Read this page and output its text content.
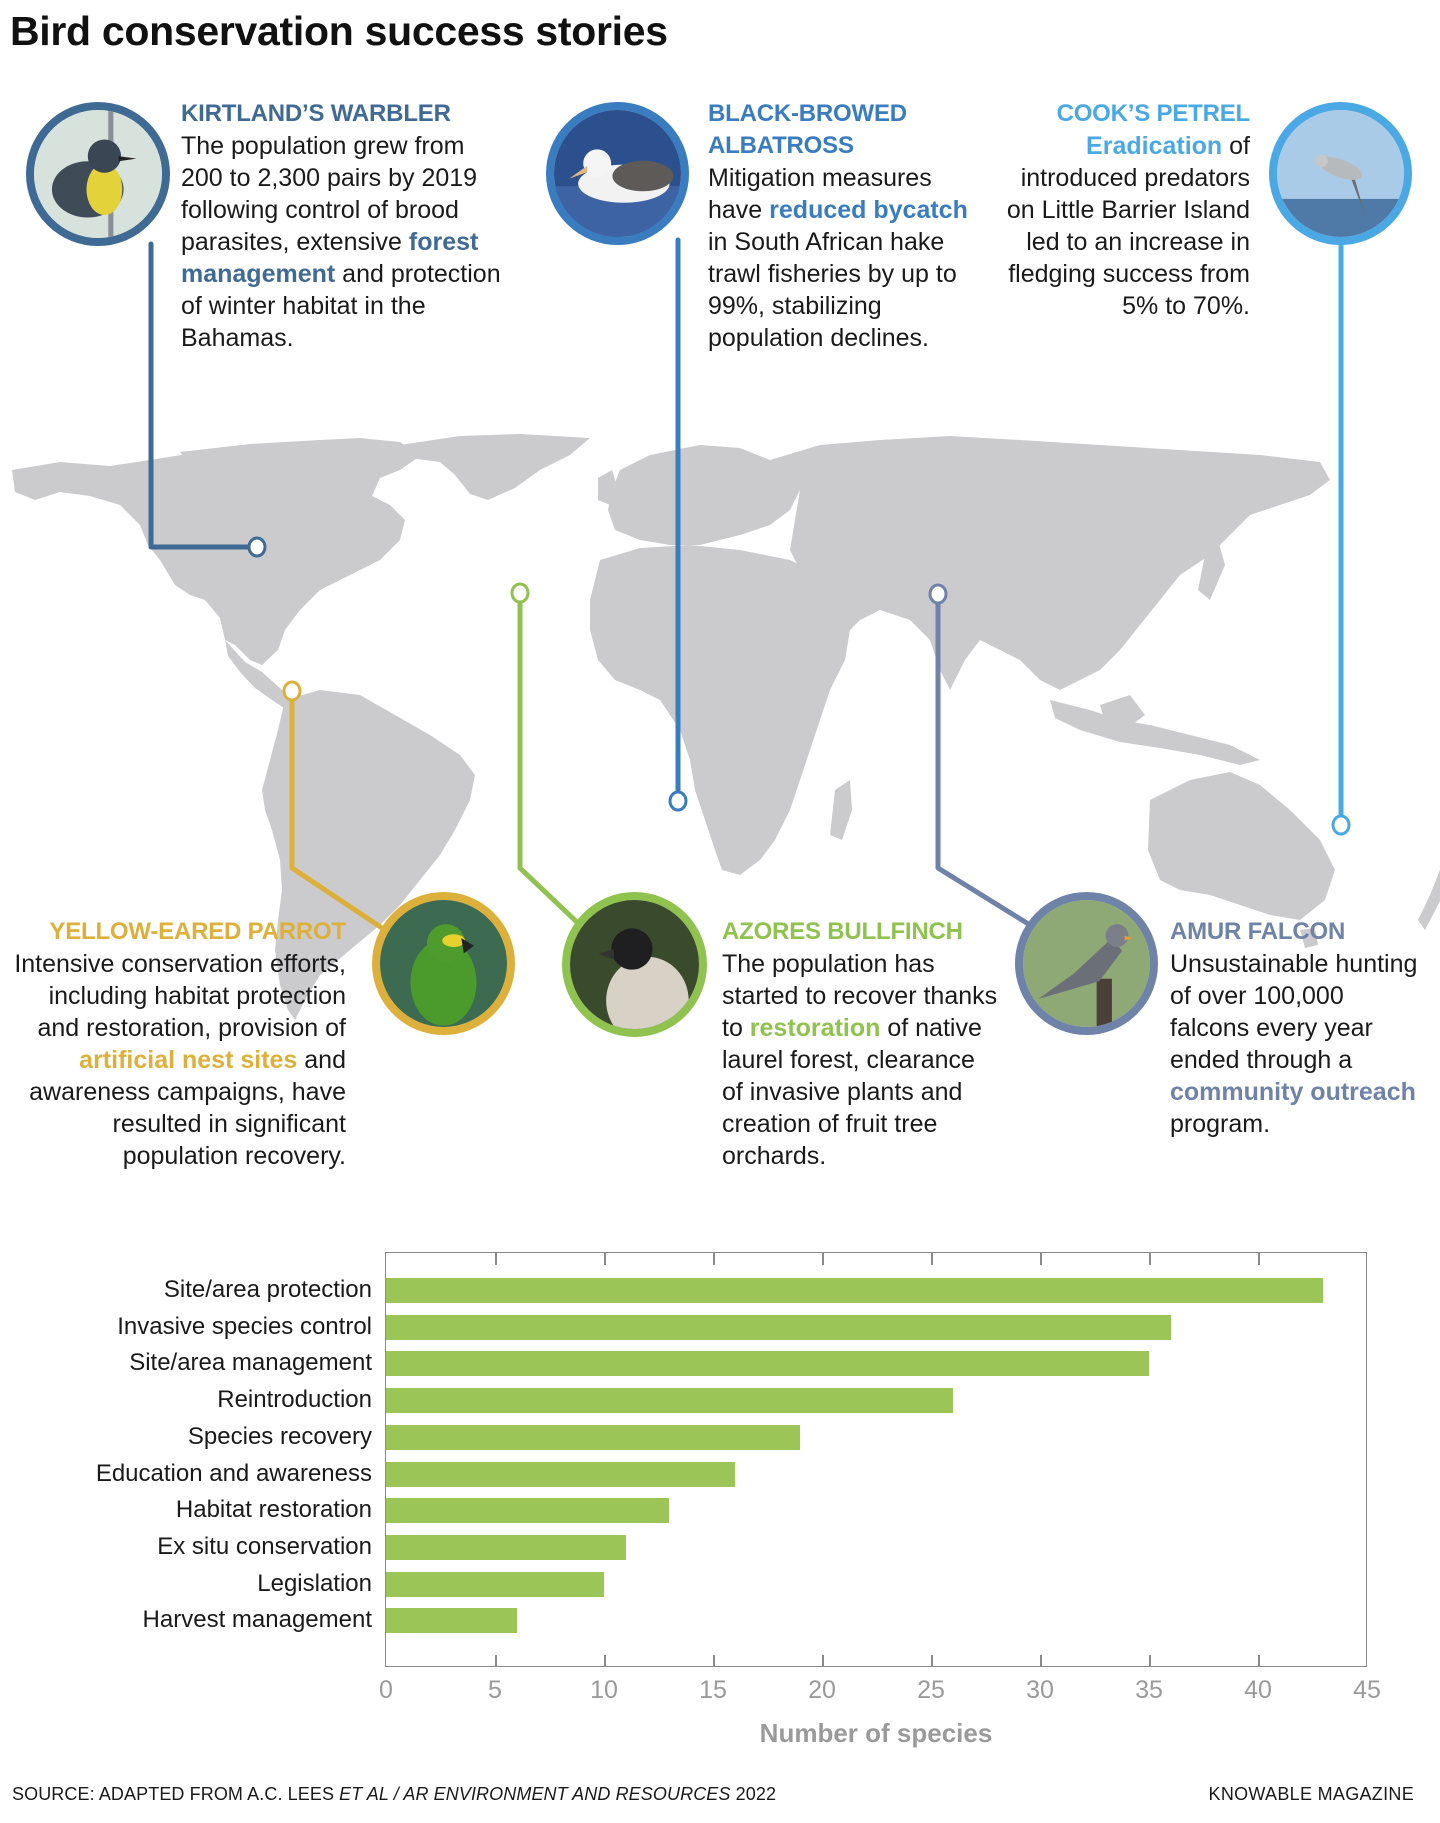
Bird conservation success stories
KIRTLAND’S WARBLER
The population grew from 200 to 2,300 pairs by 2019 following control of brood parasites, extensive forest management and protection of winter habitat in the Bahamas.
BLACK-BROWED ALBATROSS
Mitigation measures have reduced bycatch in South African hake trawl fisheries by up to 99%, stabilizing population declines.
COOK’S PETREL
Eradication of introduced predators on Little Barrier Island led to an increase in fledging success from 5% to 70%.
YELLOW-EARED PARROT
Intensive conservation efforts, including habitat protection and restoration, provision of artificial nest sites and awareness campaigns, have resulted in significant population recovery.
AZORES BULLFINCH
The population has started to recover thanks to restoration of native laurel forest, clearance of invasive plants and creation of fruit tree orchards.
AMUR FALCON
Unsustainable hunting of over 100,000 falcons every year ended through a community outreach program.
Site/area protection
Invasive species control
Site/area management
Reintroduction
Species recovery
Education and awareness
Habitat restoration
Ex situ conservation
Legislation
Harvest management
0	5	10	15	20	25	30	35	40	45
Number of species
SOURCE: ADAPTED FROM A.C. LEES ET AL / AR ENVIRONMENT AND RESOURCES 2022	KNOWABLE MAGAZINE
